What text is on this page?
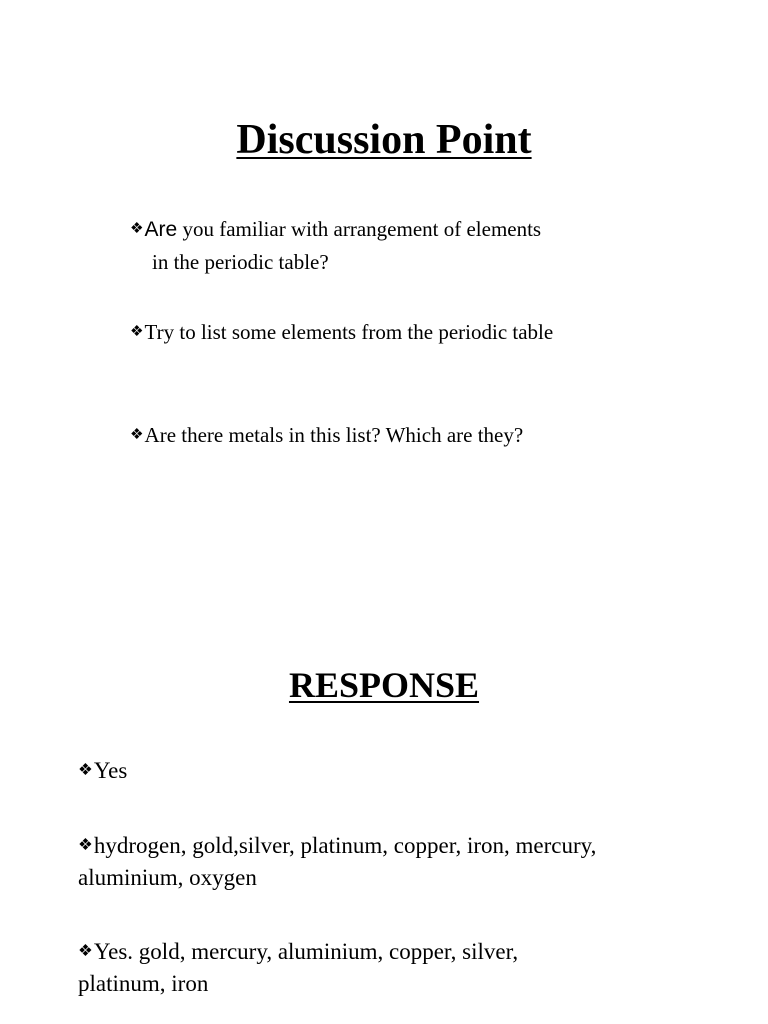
Discussion Point

❖Are you familiar with arrangement of elements
in the periodic table?

❖Try to list some elements from the periodic table

❖Are there metals in this list? Which are they?

RESPONSE

❖Yes

❖hydrogen, gold,silver, platinum, copper, iron, mercury,
aluminium, oxygen

❖Yes. gold, mercury, aluminium, copper, silver,
platinum, iron
